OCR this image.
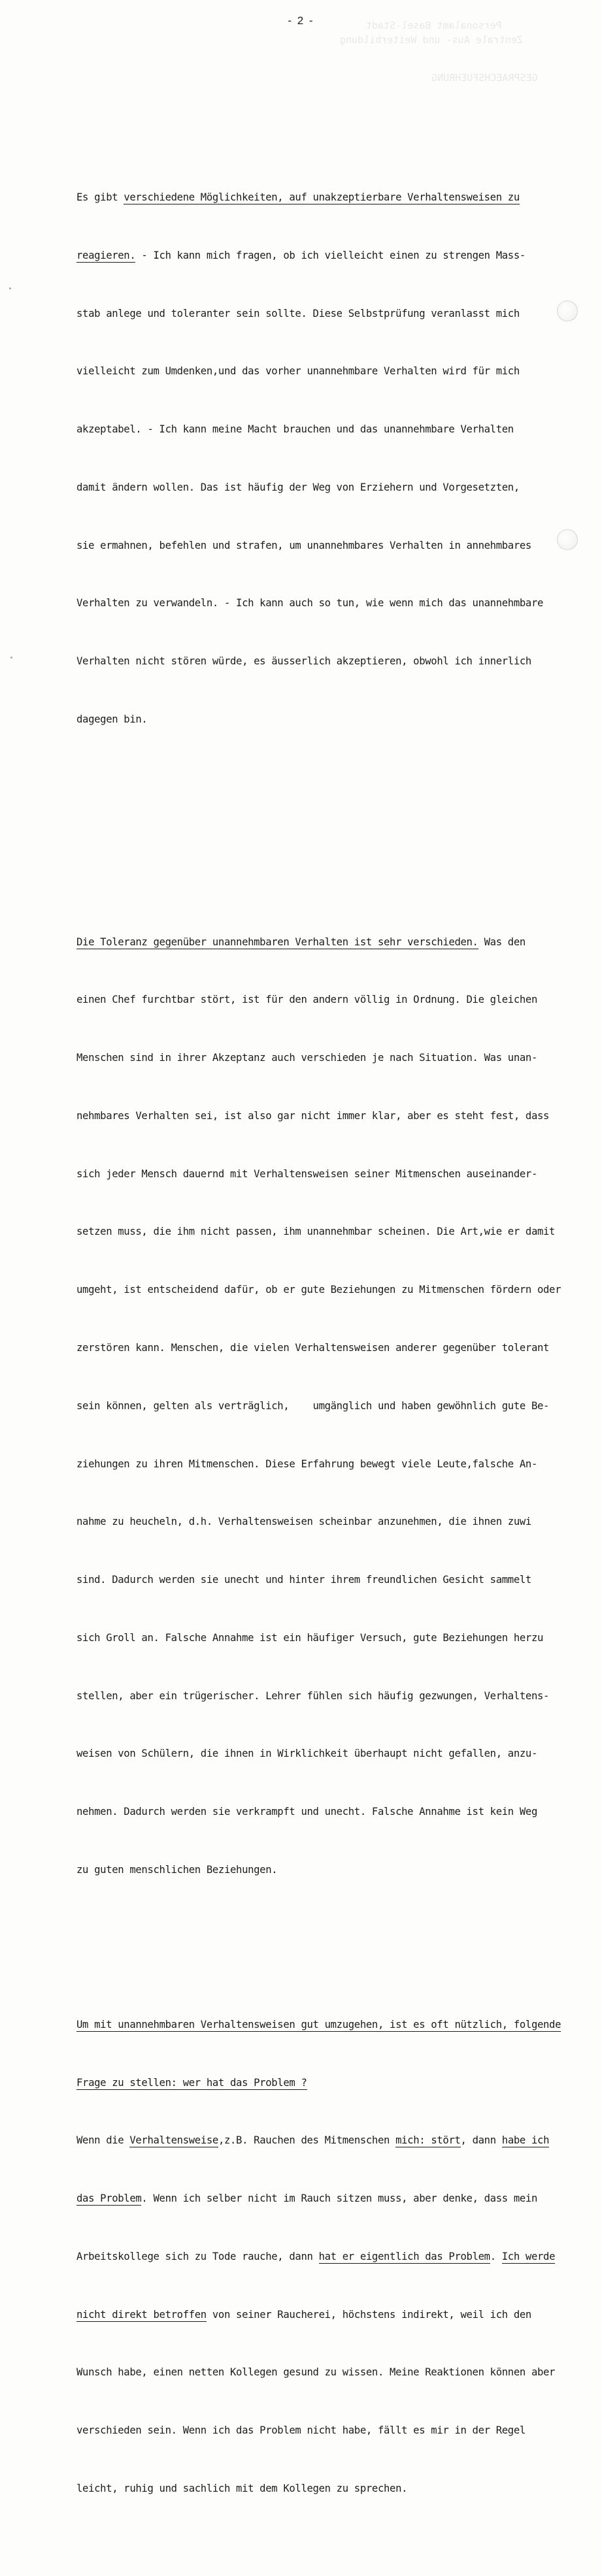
Personalamt Basel-Stadt
Zentrale Aus- und Weiterbildung
GESPRAECHSFUEHRUNG
- 2 -

Es gibt verschiedene Möglichkeiten, auf unakzeptierbare Verhaltensweisen zu

reagieren. - Ich kann mich fragen, ob ich vielleicht einen zu strengen Mass-

stab anlege und toleranter sein sollte. Diese Selbstprüfung veranlasst mich

vielleicht zum Umdenken,und das vorher unannehmbare Verhalten wird für mich

akzeptabel. - Ich kann meine Macht brauchen und das unannehmbare Verhalten

damit ändern wollen. Das ist häufig der Weg von Erziehern und Vorgesetzten,

sie ermahnen, befehlen und strafen, um unannehmbares Verhalten in annehmbares

Verhalten zu verwandeln. - Ich kann auch so tun, wie wenn mich das unannehmbare

Verhalten nicht stören würde, es äusserlich akzeptieren, obwohl ich innerlich

dagegen bin.

Die Toleranz gegenüber unannehmbaren Verhalten ist sehr verschieden. Was den

einen Chef furchtbar stört, ist für den andern völlig in Ordnung. Die gleichen

Menschen sind in ihrer Akzeptanz auch verschieden je nach Situation. Was unan-

nehmbares Verhalten sei, ist also gar nicht immer klar, aber es steht fest, dass

sich jeder Mensch dauernd mit Verhaltensweisen seiner Mitmenschen auseinander-

setzen muss, die ihm nicht passen, ihm unannehmbar scheinen. Die Art,wie er damit

umgeht, ist entscheidend dafür, ob er gute Beziehungen zu Mitmenschen fördern oder

zerstören kann. Menschen, die vielen Verhaltensweisen anderer gegenüber tolerant

sein können, gelten als verträglich,    umgänglich und haben gewöhnlich gute Be-

ziehungen zu ihren Mitmenschen. Diese Erfahrung bewegt viele Leute,falsche An-

nahme zu heucheln, d.h. Verhaltensweisen scheinbar anzunehmen, die ihnen zuwi

sind. Dadurch werden sie unecht und hinter ihrem freundlichen Gesicht sammelt

sich Groll an. Falsche Annahme ist ein häufiger Versuch, gute Beziehungen herzu

stellen, aber ein trügerischer. Lehrer fühlen sich häufig gezwungen, Verhaltens-

weisen von Schülern, die ihnen in Wirklichkeit überhaupt nicht gefallen, anzu-

nehmen. Dadurch werden sie verkrampft und unecht. Falsche Annahme ist kein Weg

zu guten menschlichen Beziehungen.

Um mit unannehmbaren Verhaltensweisen gut umzugehen, ist es oft nützlich, folgende

Frage zu stellen: wer hat das Problem ?

Wenn die Verhaltensweise,z.B. Rauchen des Mitmenschen mich: stört, dann habe ich

das Problem. Wenn ich selber nicht im Rauch sitzen muss, aber denke, dass mein

Arbeitskollege sich zu Tode rauche, dann hat er eigentlich das Problem. Ich werde

nicht direkt betroffen von seiner Raucherei, höchstens indirekt, weil ich den

Wunsch habe, einen netten Kollegen gesund zu wissen. Meine Reaktionen können aber

verschieden sein. Wenn ich das Problem nicht habe, fällt es mir in der Regel

leicht, ruhig und sachlich mit dem Kollegen zu sprechen.
